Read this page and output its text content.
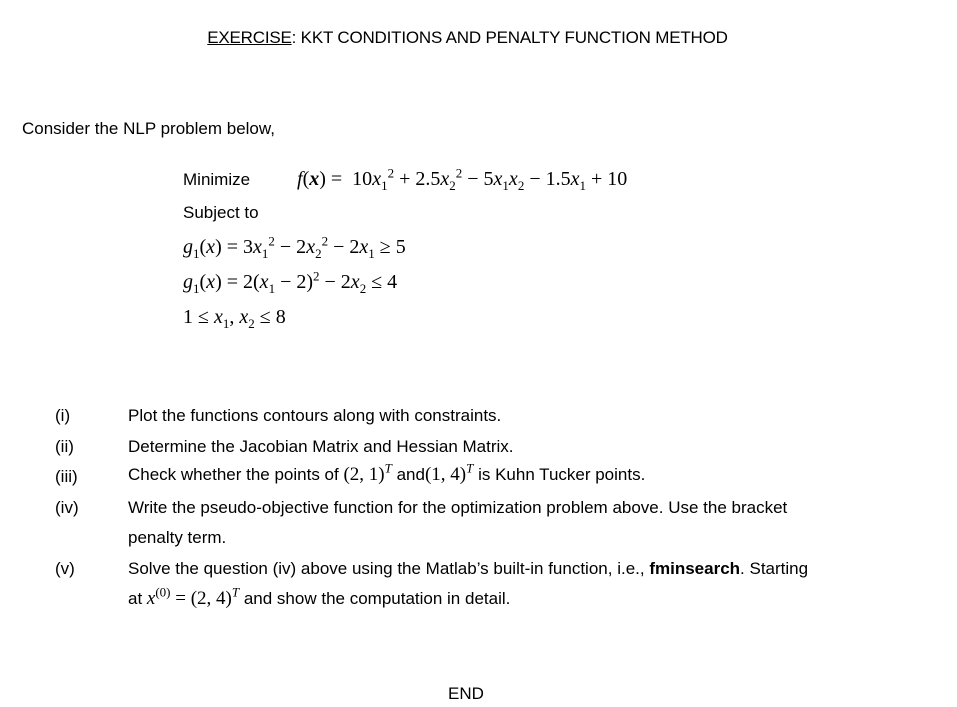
EXERCISE: KKT CONDITIONS AND PENALTY FUNCTION METHOD
Consider the NLP problem below,
Minimize $f(x) = 10x_1^2 + 2.5x_2^2 - 5x_1x_2 - 1.5x_1 + 10$
Subject to
$g_1(x) = 3x_1^2 - 2x_2^2 - 2x_1 \ge 5$
$g_1(x) = 2(x_1 - 2)^2 - 2x_2 \le 4$
$1 \le x_1$, $x_2 \le 8$
(i)	Plot the functions contours along with constraints.
(ii)	Determine the Jacobian Matrix and Hessian Matrix.
(iii)	Check whether the points of (2, 1)$^T$ and(1, 4)$^T$ is Kuhn Tucker points.
(iv)	Write the pseudo-objective function for the optimization problem above. Use the bracket
penalty term.
(v)	Solve the question (iv) above using the Matlab’s built-in function, i.e., fminsearch. Starting
at $x^{(0)} = (2$, 4)$^T$ and show the computation in detail.
END
